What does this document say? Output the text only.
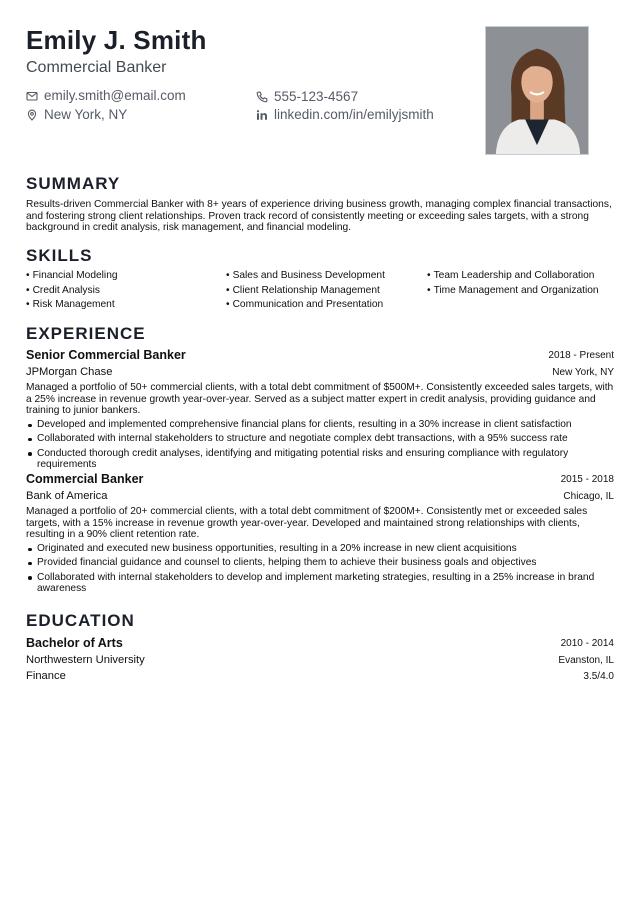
Emily J. Smith
Commercial Banker
emily.smith@email.com
New York, NY
555-123-4567
linkedin.com/in/emilyjsmith
SUMMARY
Results-driven Commercial Banker with 8+ years of experience driving business growth, managing complex financial transactions, and fostering strong client relationships. Proven track record of consistently meeting or exceeding sales targets, with a strong background in credit analysis, risk management, and financial modeling.
SKILLS
• Financial Modeling
• Credit Analysis
• Risk Management
• Sales and Business Development
• Client Relationship Management
• Communication and Presentation
• Team Leadership and Collaboration
• Time Management and Organization
EXPERIENCE
Senior Commercial Banker	2018 - Present
JPMorgan Chase	New York, NY
Managed a portfolio of 50+ commercial clients, with a total debt commitment of $500M+. Consistently exceeded sales targets, with a 25% increase in revenue growth year-over-year. Served as a subject matter expert in credit analysis, providing guidance and training to junior bankers.
Developed and implemented comprehensive financial plans for clients, resulting in a 30% increase in client satisfaction
Collaborated with internal stakeholders to structure and negotiate complex debt transactions, with a 95% success rate
Conducted thorough credit analyses, identifying and mitigating potential risks and ensuring compliance with regulatory requirements
Commercial Banker	2015 - 2018
Bank of America	Chicago, IL
Managed a portfolio of 20+ commercial clients, with a total debt commitment of $200M+. Consistently met or exceeded sales targets, with a 15% increase in revenue growth year-over-year. Developed and maintained strong relationships with clients, resulting in a 90% client retention rate.
Originated and executed new business opportunities, resulting in a 20% increase in new client acquisitions
Provided financial guidance and counsel to clients, helping them to achieve their business goals and objectives
Collaborated with internal stakeholders to develop and implement marketing strategies, resulting in a 25% increase in brand awareness
EDUCATION
Bachelor of Arts	2010 - 2014
Northwestern University	Evanston, IL
Finance	3.5/4.0
